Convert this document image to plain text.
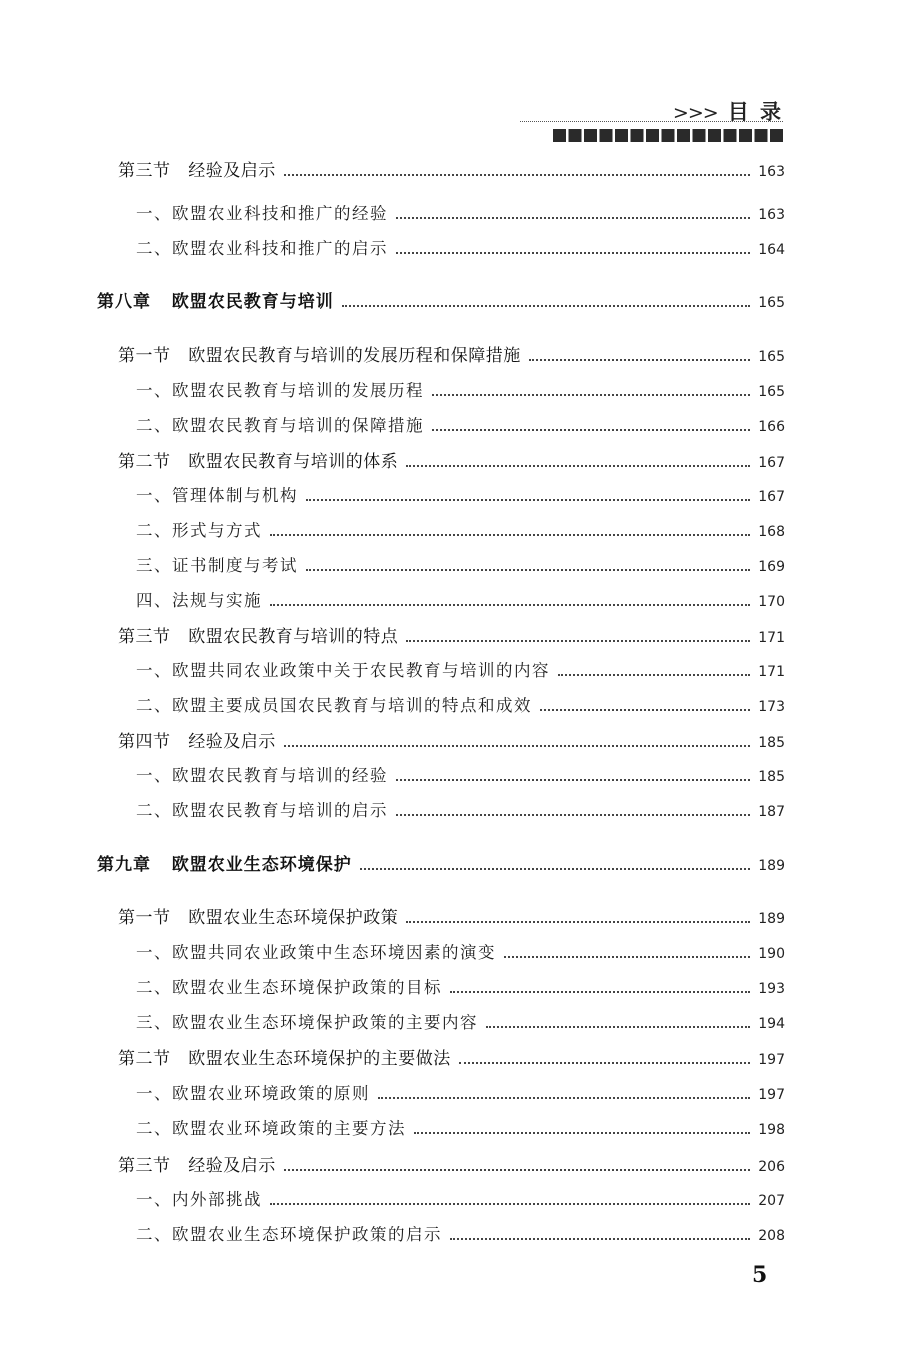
>>> 目 录
第三节 经验及启示	163
一、欧盟农业科技和推广的经验	163
二、欧盟农业科技和推广的启示	164
第八章 欧盟农民教育与培训	165
第一节 欧盟农民教育与培训的发展历程和保障措施	165
一、欧盟农民教育与培训的发展历程	165
二、欧盟农民教育与培训的保障措施	166
第二节 欧盟农民教育与培训的体系	167
一、管理体制与机构	167
二、形式与方式	168
三、证书制度与考试	169
四、法规与实施	170
第三节 欧盟农民教育与培训的特点	171
一、欧盟共同农业政策中关于农民教育与培训的内容	171
二、欧盟主要成员国农民教育与培训的特点和成效	173
第四节 经验及启示	185
一、欧盟农民教育与培训的经验	185
二、欧盟农民教育与培训的启示	187
第九章 欧盟农业生态环境保护	189
第一节 欧盟农业生态环境保护政策	189
一、欧盟共同农业政策中生态环境因素的演变	190
二、欧盟农业生态环境保护政策的目标	193
三、欧盟农业生态环境保护政策的主要内容	194
第二节 欧盟农业生态环境保护的主要做法	197
一、欧盟农业环境政策的原则	197
二、欧盟农业环境政策的主要方法	198
第三节 经验及启示	206
一、内外部挑战	207
二、欧盟农业生态环境保护政策的启示	208
5
